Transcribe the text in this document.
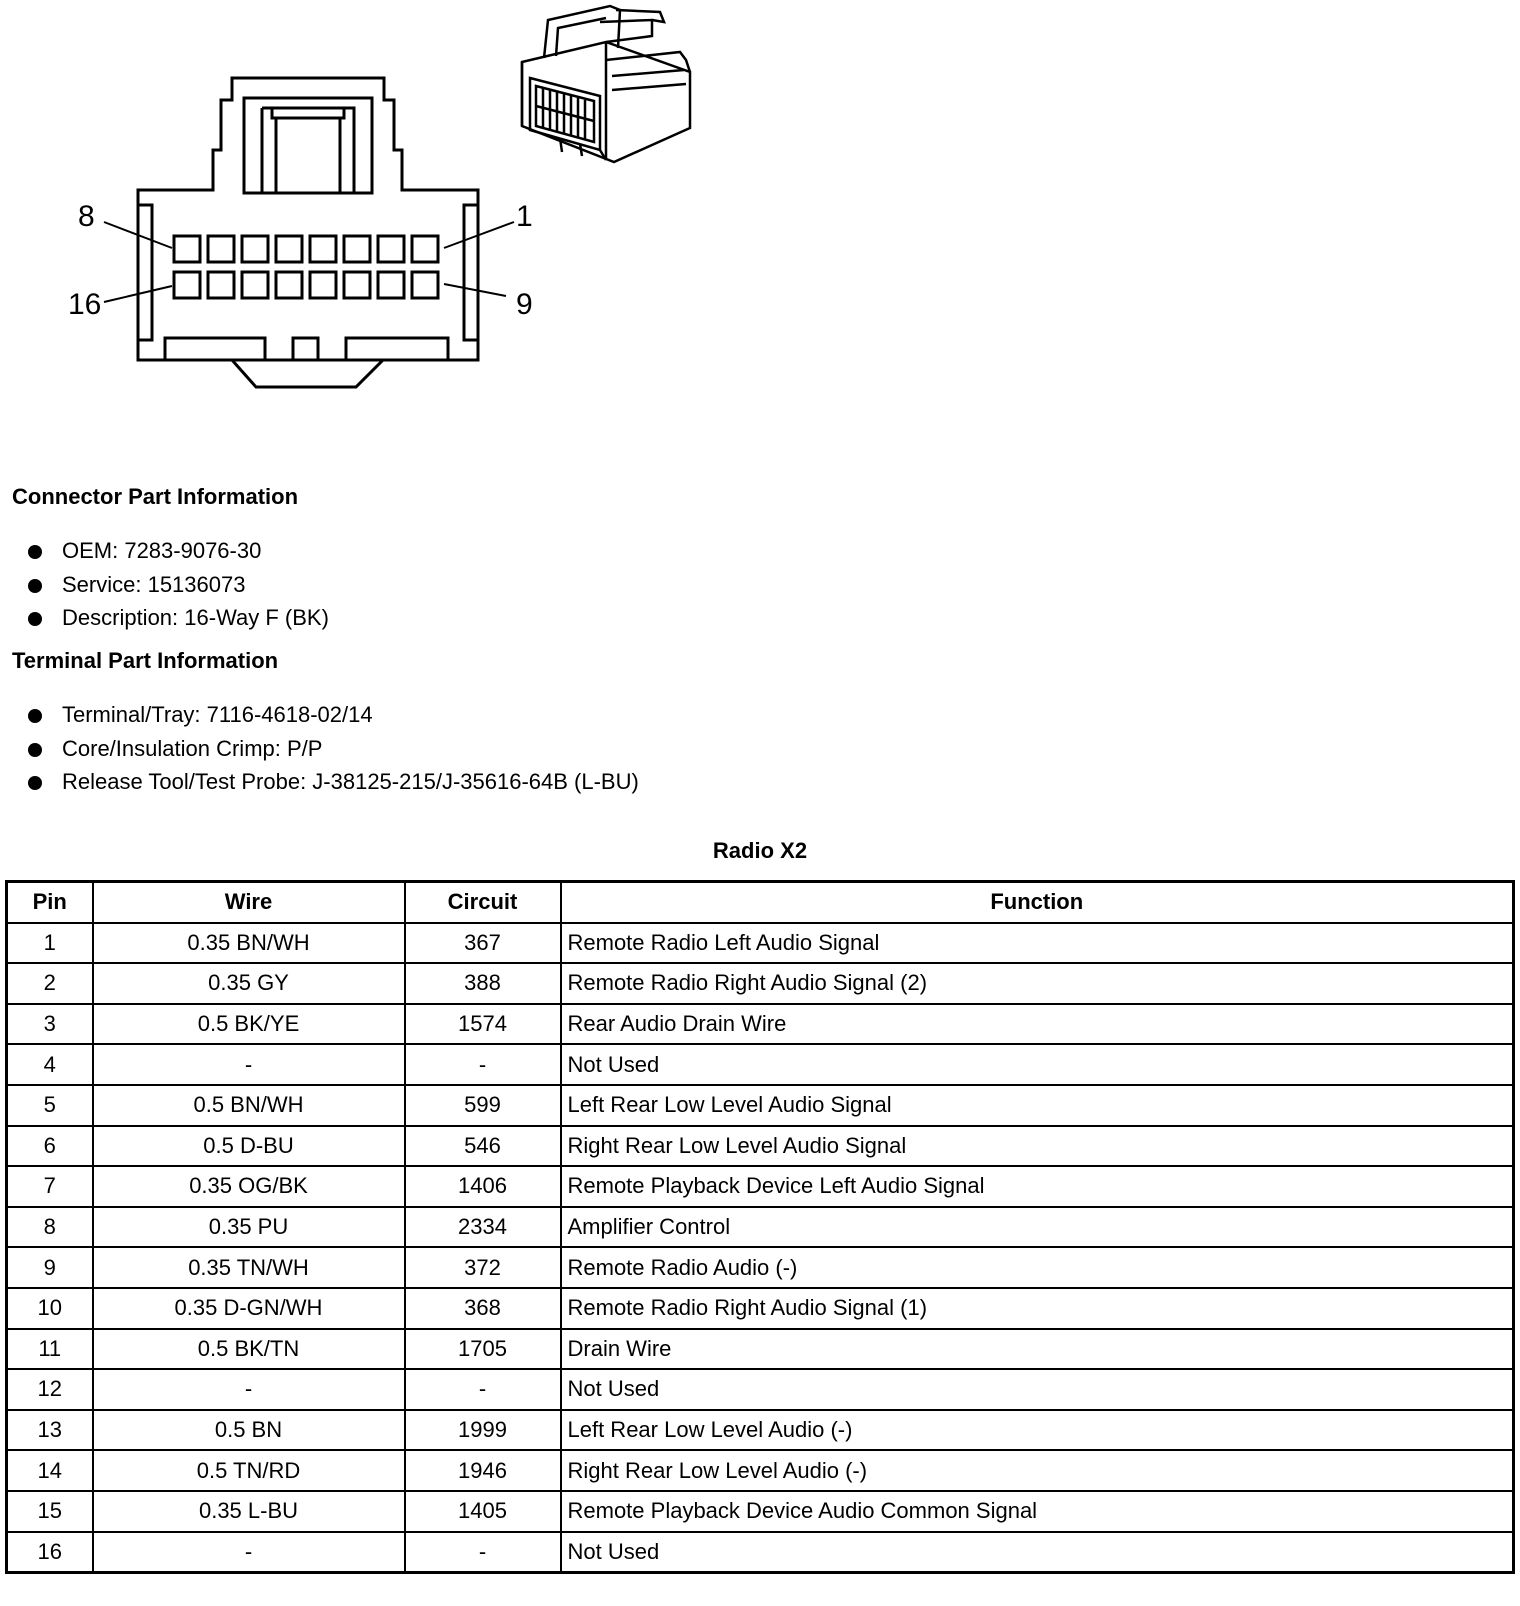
8	1
16	9
Connector Part Information
OEM: 7283-9076-30
Service: 15136073
Description: 16-Way F (BK)
Terminal Part Information
Terminal/Tray: 7116-4618-02/14
Core/Insulation Crimp: P/P
Release Tool/Test Probe: J-38125-215/J-35616-64B (L-BU)
Radio X2
Pin	Wire	Circuit	Function
1	0.35 BN/WH	367	Remote Radio Left Audio Signal
2	0.35 GY	388	Remote Radio Right Audio Signal (2)
3	0.5 BK/YE	1574	Rear Audio Drain Wire
4	-	-	Not Used
5	0.5 BN/WH	599	Left Rear Low Level Audio Signal
6	0.5 D-BU	546	Right Rear Low Level Audio Signal
7	0.35 OG/BK	1406	Remote Playback Device Left Audio Signal
8	0.35 PU	2334	Amplifier Control
9	0.35 TN/WH	372	Remote Radio Audio (-)
10	0.35 D-GN/WH	368	Remote Radio Right Audio Signal (1)
11	0.5 BK/TN	1705	Drain Wire
12	-	-	Not Used
13	0.5 BN	1999	Left Rear Low Level Audio (-)
14	0.5 TN/RD	1946	Right Rear Low Level Audio (-)
15	0.35 L-BU	1405	Remote Playback Device Audio Common Signal
16	-	-	Not Used
